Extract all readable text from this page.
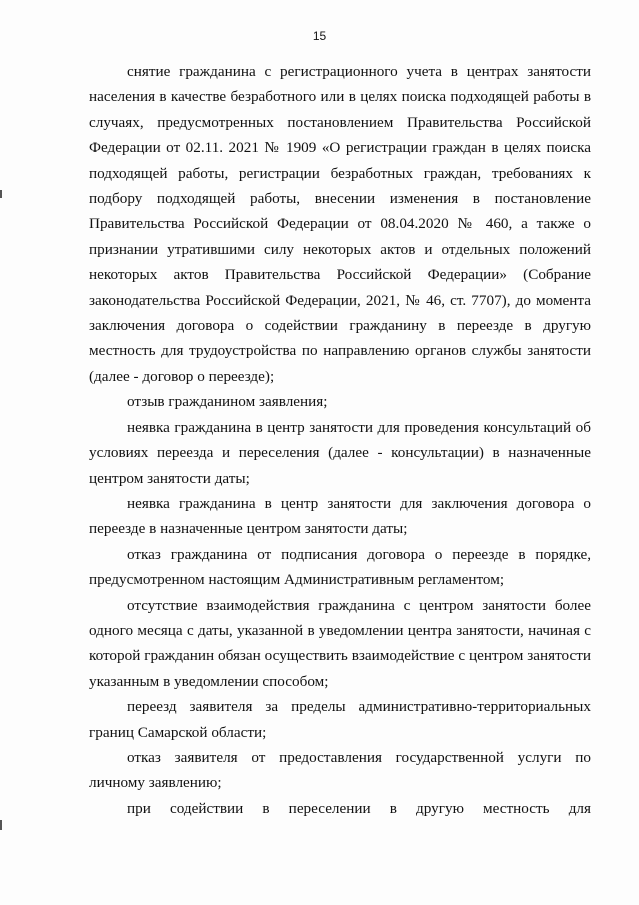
15

снятие гражданина с регистрационного учета в центрах занятости населения в качестве безработного или в целях поиска подходящей работы в случаях, предусмотренных постановлением Правительства Российской Федерации от 02.11. 2021 № 1909 «О регистрации граждан в целях поиска подходящей работы, регистрации безработных граждан, требованиях к подбору подходящей работы, внесении изменения в постановление Правительства Российской Федерации от 08.04.2020 № 460, а также о признании утратившими силу некоторых актов и отдельных положений некоторых актов Правительства Российской Федерации» (Собрание законодательства Российской Федерации, 2021, № 46, ст. 7707), до момента заключения договора о содействии гражданину в переезде в другую местность для трудоустройства по направлению органов службы занятости (далее - договор о переезде);

отзыв гражданином заявления;

неявка гражданина в центр занятости для проведения консультаций об условиях переезда и переселения (далее - консультации) в назначенные центром занятости даты;

неявка гражданина в центр занятости для заключения договора о переезде в назначенные центром занятости даты;

отказ гражданина от подписания договора о переезде в порядке, предусмотренном настоящим Административным регламентом;

отсутствие взаимодействия гражданина с центром занятости более одного месяца с даты, указанной в уведомлении центра занятости, начиная с которой гражданин обязан осуществить взаимодействие с центром занятости указанным в уведомлении способом;

переезд заявителя за пределы административно-территориальных границ Самарской области;

отказ заявителя от предоставления государственной услуги по личному заявлению;

при содействии в переселении в другую местность для
